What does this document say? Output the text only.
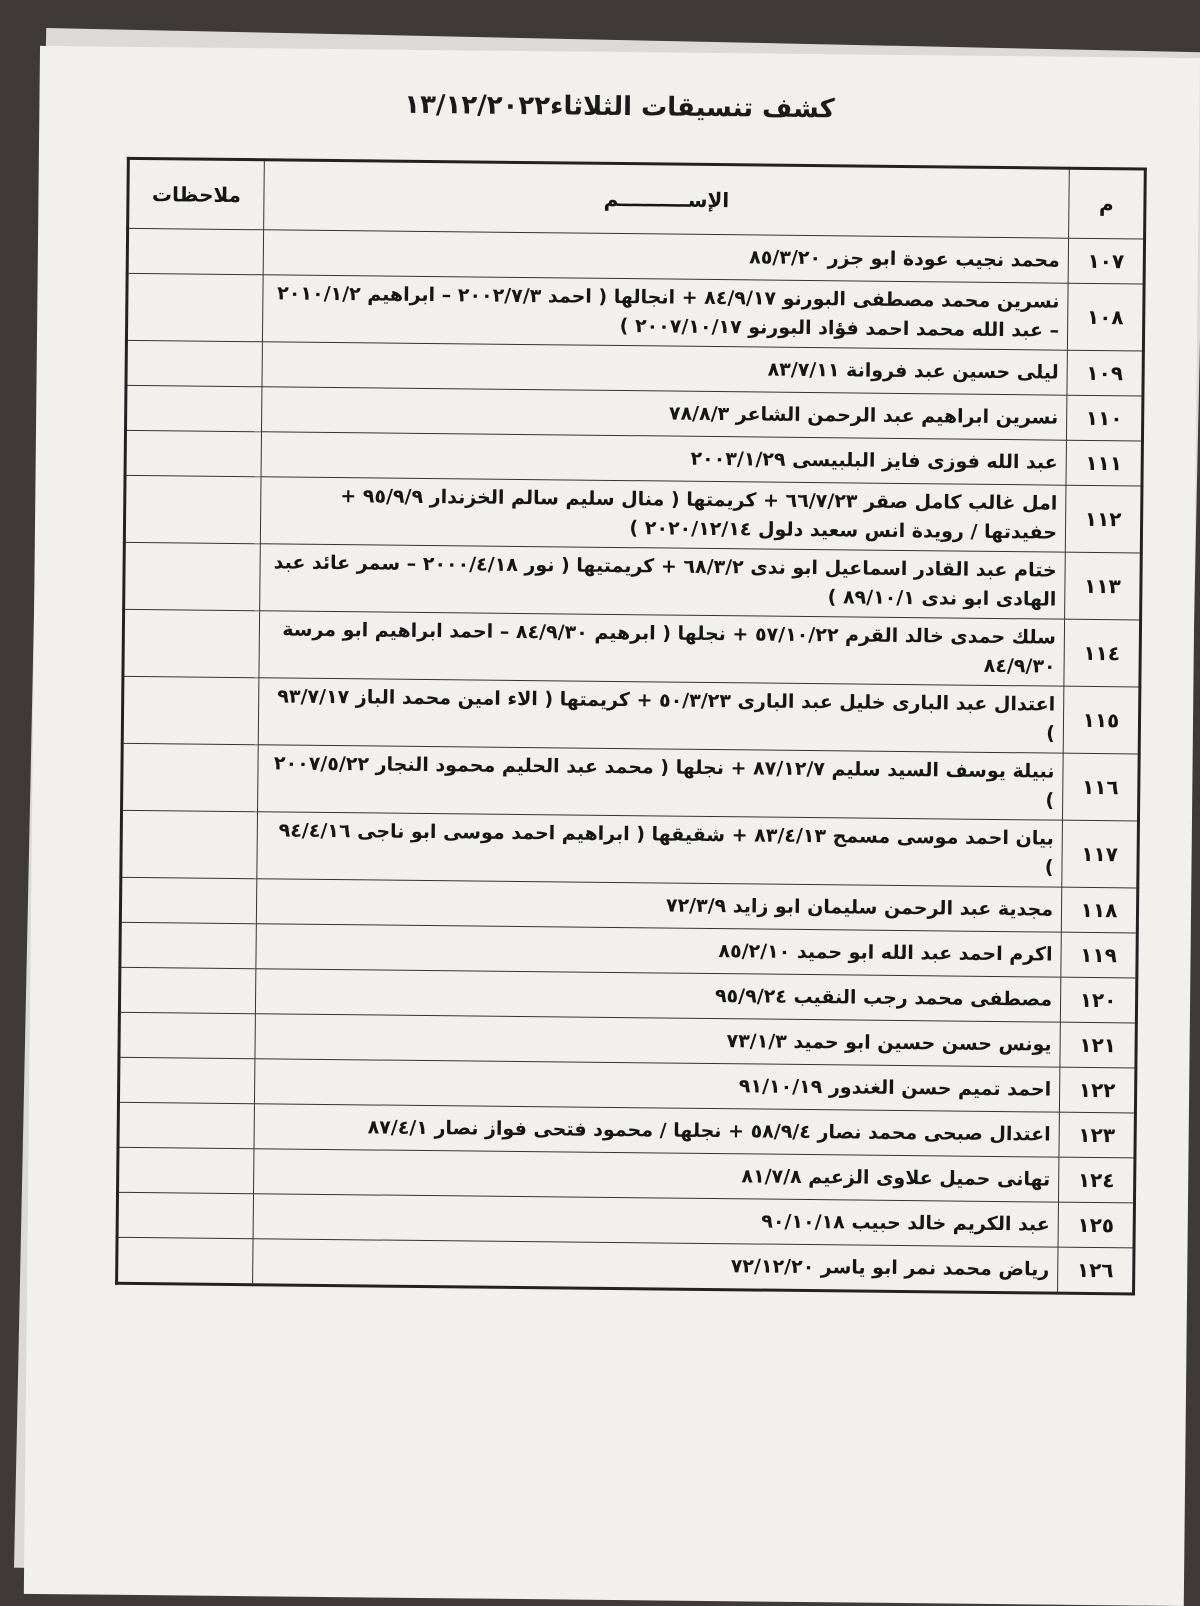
كشف تنسيقات الثلاثاء١٣/١٢/٢٠٢٢
م	الإســــــــــم	ملاحظات
١٠٧	محمد نجيب عودة ابو جزر ٨٥/٣/٢٠	
١٠٨	نسرين محمد مصطفى البورنو ٨٤/٩/١٧ + انجالها ( احمد ٢٠٠٢/٧/٣ – ابراهيم ٢٠١٠/١/٢ – عبد الله محمد احمد فؤاد البورنو ٢٠٠٧/١٠/١٧ )	
١٠٩	ليلى حسين عبد فروانة ٨٣/٧/١١	
١١٠	نسرين ابراهيم عبد الرحمن الشاعر ٧٨/٨/٣	
١١١	عبد الله فوزى فايز البلبيسى ٢٠٠٣/١/٢٩	
١١٢	امل غالب كامل صقر ٦٦/٧/٢٣ + كريمتها ( منال سليم سالم الخزندار ٩٥/٩/٩ + حفيدتها / رويدة انس سعيد دلول ٢٠٢٠/١٢/١٤ )	
١١٣	ختام عبد القادر اسماعيل ابو ندى ٦٨/٣/٢ + كريمتيها ( نور ٢٠٠٠/٤/١٨ – سمر عائد عبد الهادى ابو ندى ٨٩/١٠/١ )	
١١٤	سلك حمدى خالد القرم ٥٧/١٠/٢٢ + نجلها ( ابرهيم ٨٤/٩/٣٠ – احمد ابراهيم ابو مرسة ٨٤/٩/٣٠	
١١٥	اعتدال عبد البارى خليل عبد البارى ٥٠/٣/٢٣ + كريمتها ( الاء امين محمد الباز ٩٣/٧/١٧ )	
١١٦	نبيلة يوسف السيد سليم ٨٧/١٢/٧ + نجلها ( محمد عبد الحليم محمود النجار ٢٠٠٧/٥/٢٢ )	
١١٧	بيان احمد موسى مسمح ٨٣/٤/١٣ + شقيقها ( ابراهيم احمد موسى ابو ناجى ٩٤/٤/١٦ )	
١١٨	مجدية عبد الرحمن سليمان ابو زايد ٧٢/٣/٩	
١١٩	اكرم احمد عبد الله ابو حميد ٨٥/٢/١٠	
١٢٠	مصطفى محمد رجب النقيب ٩٥/٩/٢٤	
١٢١	يونس حسن حسين ابو حميد ٧٣/١/٣	
١٢٢	احمد تميم حسن الغندور ٩١/١٠/١٩	
١٢٣	اعتدال صبحى محمد نصار ٥٨/٩/٤ + نجلها / محمود فتحى فواز نصار ٨٧/٤/١	
١٢٤	تهانى حميل علاوى الزعيم ٨١/٧/٨	
١٢٥	عبد الكريم خالد حبيب ٩٠/١٠/١٨	
١٢٦	رياض محمد نمر ابو ياسر ٧٢/١٢/٢٠	
